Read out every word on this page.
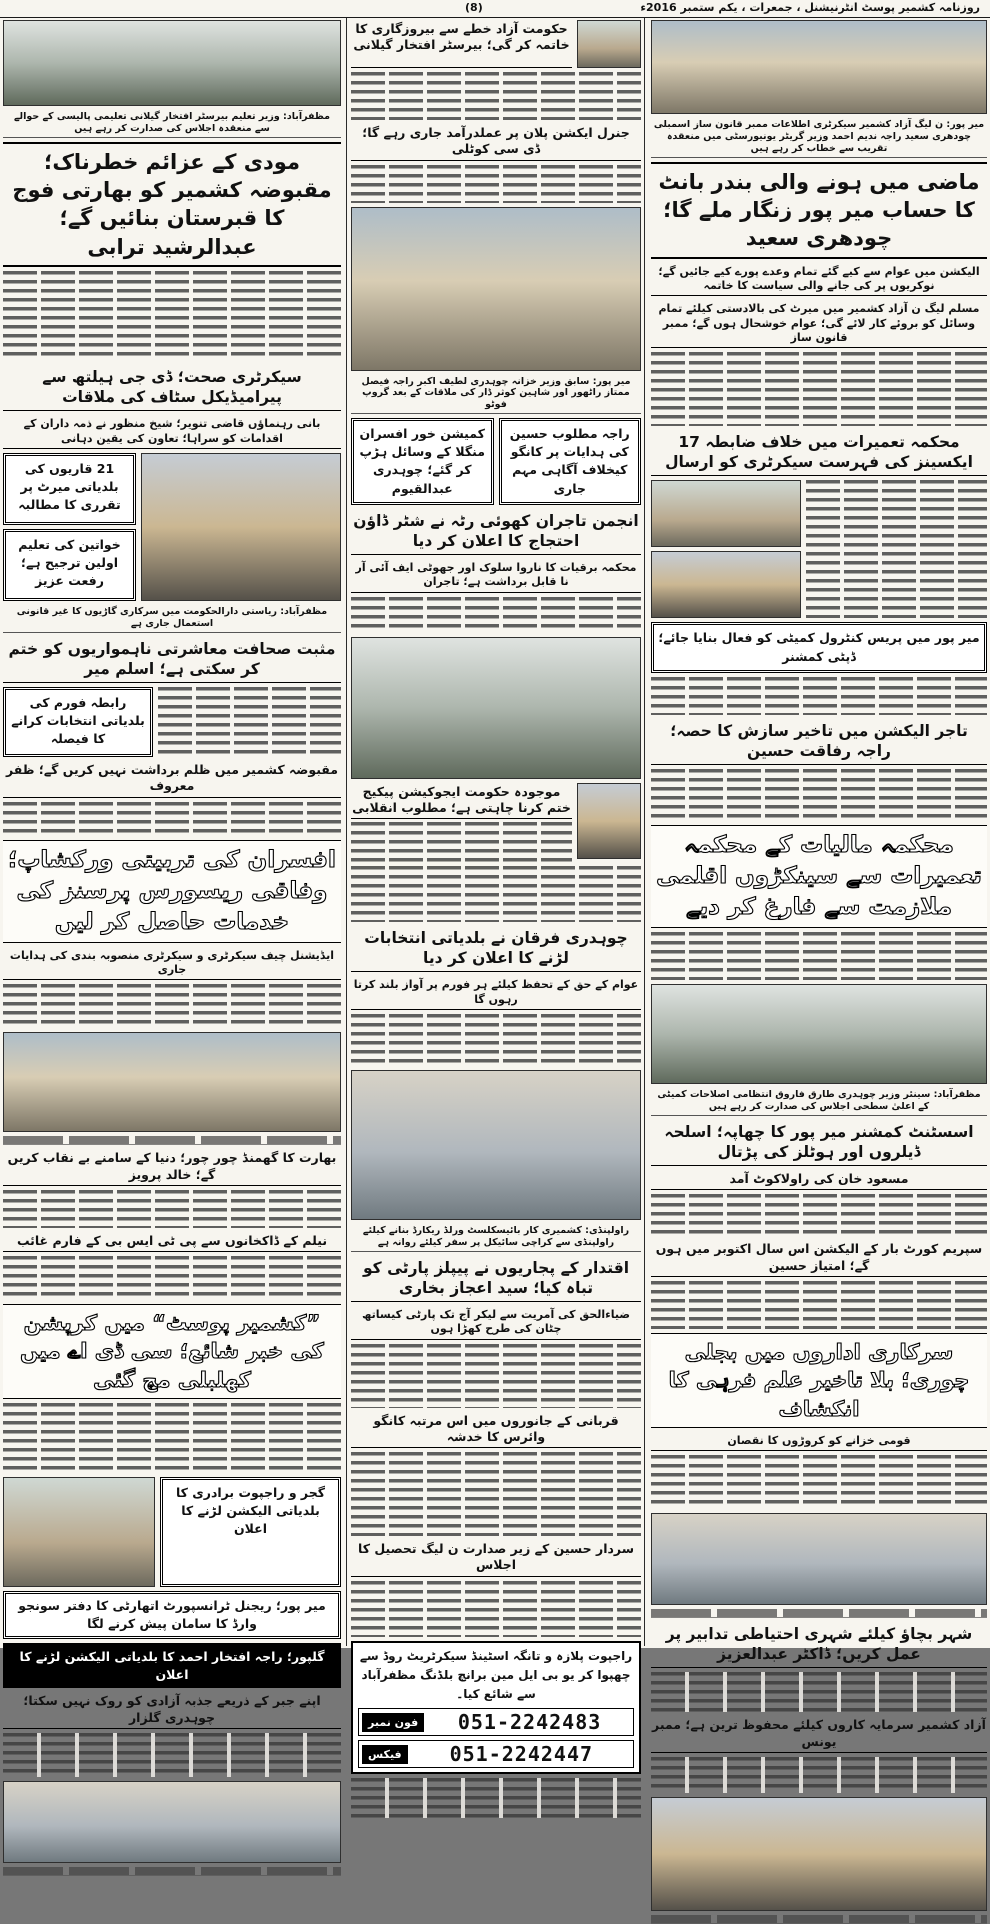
روزنامہ کشمیر پوسٹ انٹرنیشنل ، جمعرات ، یکم ستمبر 2016ء
(8)
میر پور: ن لیگ آزاد کشمیر سیکرٹری اطلاعات ممبر قانون ساز اسمبلی چودھری سعید راجہ ندیم احمد وزیر گریٹر یونیورسٹی میں منعقدہ تقریب سے خطاب کر رہے ہیں
ماضی میں ہونے والی بندر بانٹ کا حساب میر پور زنگار ملے گا؛ چودھری سعید
الیکشن میں عوام سے کیے گئے تمام وعدے پورے کیے جائیں گے؛ نوکریوں پر کی جانے والی سیاست کا خاتمہ
مسلم لیگ ن آزاد کشمیر میں میرٹ کی بالادستی کیلئے تمام وسائل کو بروئے کار لائے گی؛ عوام خوشحال ہوں گے؛ ممبر قانون ساز
محکمہ تعمیرات میں خلاف ضابطہ 17 ایکسینز کی فہرست سیکرٹری کو ارسال
میر پور میں پریس کنٹرول کمیٹی کو فعال بنایا جائے؛ ڈپٹی کمشنر
تاجر الیکشن میں تاخیر سازش کا حصہ؛ راجہ رفاقت حسین
محکمہ مالیات کے محکمہ تعمیرات سے سینکڑوں اقلمی ملازمت سے فارغ کر دیے
مظفرآباد: سینئر وزیر چوہدری طارق فاروق انتظامی اصلاحات کمیٹی کے اعلیٰ سطحی اجلاس کی صدارت کر رہے ہیں
اسسٹنٹ کمشنر میر پور کا چھاپہ؛ اسلحہ ڈیلروں اور ہوٹلز کی پڑتال
مسعود خان کی راولاکوٹ آمد
سپریم کورٹ بار کے الیکشن اس سال اکتوبر میں ہوں گے؛ امتیاز حسین
سرکاری اداروں میں بجلی چوری؛ بلا تاخیر علم فرہی کا انکشاف
قومی خزانے کو کروڑوں کا نقصان
شہر بچاؤ کیلئے شہری احتیاطی تدابیر پر عمل کریں؛ ڈاکٹر عبدالعزیز
آزاد کشمیر سرمایہ کاروں کیلئے محفوظ ترین ہے؛ ممبر یونس
حکومت آزاد خطے سے بیروزگاری کا خاتمہ کر گی؛ بیرسٹر افتخار گیلانی
جنرل ایکشن پلان پر عملدرآمد جاری رہے گا؛ ڈی سی کوٹلی
میر پور: سابق وزیر خزانہ چوہدری لطیف اکبر راجہ فیصل ممتاز راٹھور اور شاہین کوثر ڈار کی ملاقات کے بعد گروپ فوٹو
راجہ مطلوب حسین کی ہدایات پر کانگو کیخلاف آگاہی مہم جاری
کمیشن خور افسران منگلا کے وسائل ہڑپ کر گئے؛ چوہدری عبدالقیوم
انجمن تاجران کھوئی رٹہ نے شٹر ڈاؤن احتجاج کا اعلان کر دیا
محکمہ برقیات کا ناروا سلوک اور جھوٹی ایف آئی آر نا قابل برداشت ہے؛ تاجران
موجودہ حکومت ایجوکیشن پیکیج ختم کرنا چاہتی ہے؛ مطلوب انقلابی
چوہدری فرقان نے بلدیاتی انتخابات لڑنے کا اعلان کر دیا
عوام کے حق کے تحفظ کیلئے ہر فورم پر آواز بلند کرتا رہوں گا
راولپنڈی: کشمیری کار بائیسکلسٹ ورلڈ ریکارڈ بنانے کیلئے راولپنڈی سے کراچی سائیکل پر سفر کیلئے روانہ ہے
اقتدار کے پجاریوں نے پیپلز پارٹی کو تباہ کیا؛ سید اعجاز بخاری
ضیاءالحق کی آمریت سے لیکر آج تک پارٹی کیساتھ چٹان کی طرح کھڑا ہوں
قربانی کے جانوروں میں اس مرتبہ کانگو وائرس کا خدشہ
سردار حسین کے زیر صدارت ن لیگ تحصیل کا اجلاس
راجپوت پلازہ و تانگہ اسٹینڈ سیکرٹریٹ روڈ سے چھپوا کر یو بی ایل مین برانچ بلڈنگ مظفرآباد سے شائع کیا۔
051-2242483
فون نمبر
051-2242447
فیکس
مظفرآباد: وزیر تعلیم بیرسٹر افتخار گیلانی تعلیمی پالیسی کے حوالے سے منعقدہ اجلاس کی صدارت کر رہے ہیں
مودی کے عزائم خطرناک؛ مقبوضہ کشمیر کو بھارتی فوج کا قبرستان بنائیں گے؛ عبدالرشید ترابی
سیکرٹری صحت؛ ڈی جی ہیلتھ سے پیرامیڈیکل سٹاف کی ملاقات
بانی رہنماؤں قاضی تنویر؛ شیخ منظور نے ذمہ داران کے اقدامات کو سراہا؛ تعاون کی یقین دہانی
21 قاریوں کی بلدیاتی میرٹ پر تقرری کا مطالبہ
خواتین کی تعلیم اولین ترجیح ہے؛ رفعت عزیز
مظفرآباد: ریاستی دارالحکومت میں سرکاری گاڑیوں کا غیر قانونی استعمال جاری ہے
مثبت صحافت معاشرتی ناہمواریوں کو ختم کر سکتی ہے؛ اسلم میر
رابطہ فورم کی بلدیاتی انتخابات کرانے کا فیصلہ
مقبوضہ کشمیر میں ظلم برداشت نہیں کریں گے؛ ظفر معروف
افسران کی تربیتی ورکشاپ؛ وفاقی ریسورس پرسنز کی خدمات حاصل کر لیں
ایڈیشنل چیف سیکرٹری و سیکرٹری منصوبہ بندی کی ہدایات جاری
بھارت کا گھمنڈ چور چور؛ دنیا کے سامنے بے نقاب کریں گے؛ خالد پرویز
نیلم کے ڈاکخانوں سے پی ٹی ایس بی کے فارم غائب
”کشمیر پوسٹ“ میں کرپشن کی خبر شائع؛ سی ڈی اے میں کھلبلی مچ گئی
گجر و راجپوت برادری کا بلدیاتی الیکشن لڑنے کا اعلان
میر پور؛ ریجنل ٹرانسپورٹ اتھارٹی کا دفتر سونجو وارڈ کا سامان پیش کرنے لگا
گلپور؛ راجہ افتخار احمد کا بلدیاتی الیکشن لڑنے کا اعلان
اپنے جبر کے ذریعے جذبہ آزادی کو روک نہیں سکتا؛ چوہدری گلزار
